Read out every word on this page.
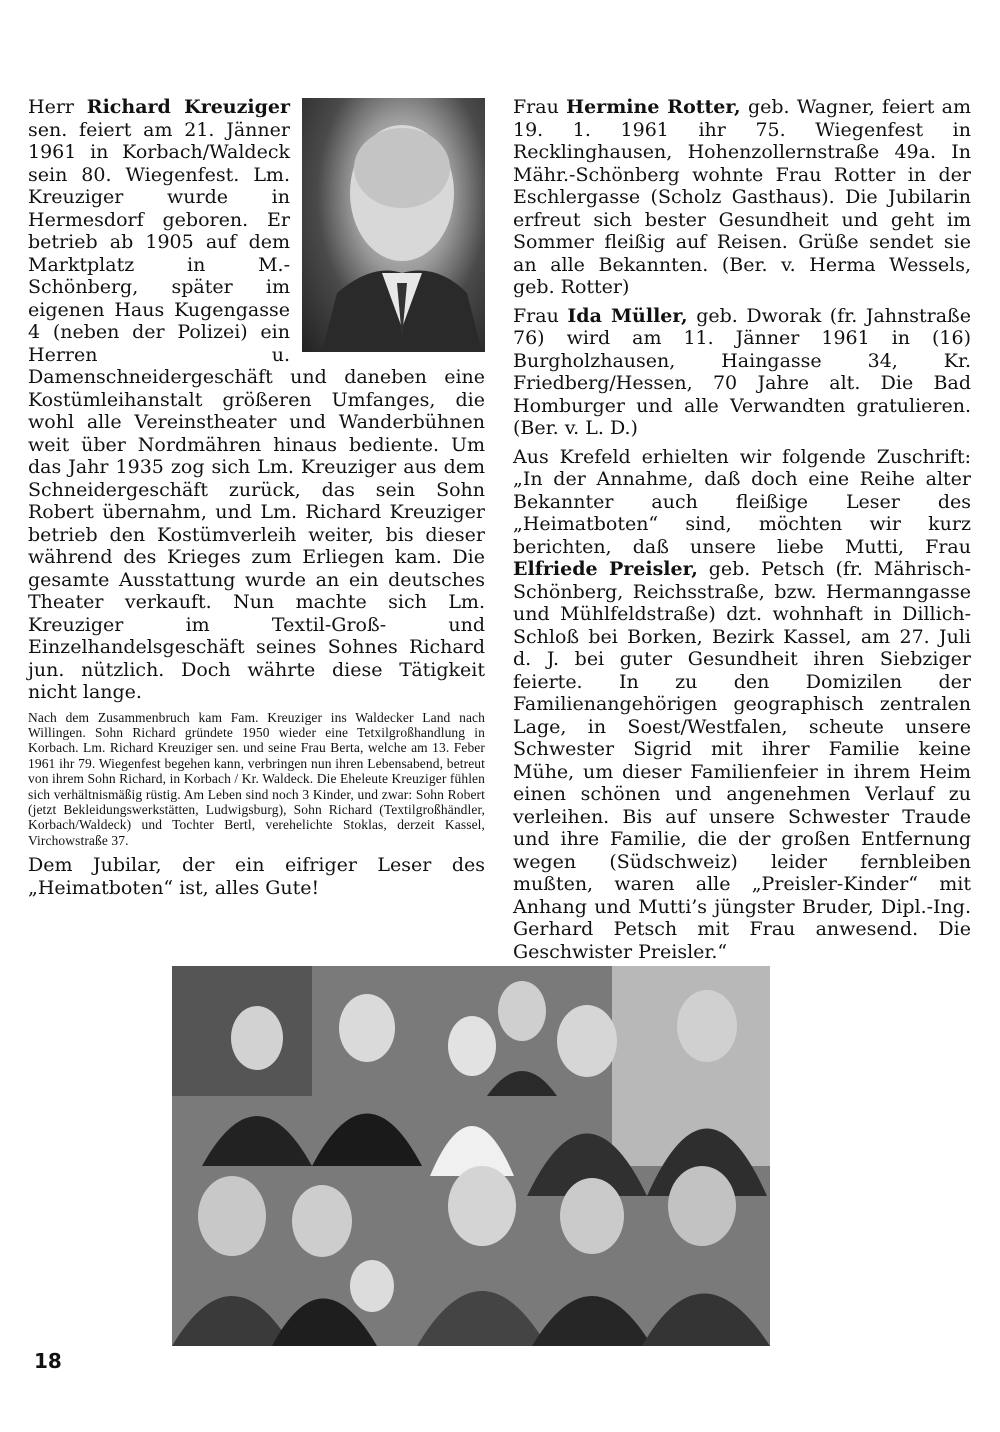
Herr Richard Kreuziger sen. feiert am 21. Jänner 1961 in Korbach/Waldeck sein 80. Wiegenfest. Lm. Kreuziger wurde in Hermesdorf geboren. Er betrieb ab 1905 auf dem Marktplatz in M.-Schönberg, später im eigenen Haus Kugengasse 4 (neben der Polizei) ein Herren u. Damenschneidergeschäft und daneben eine Kostümleihanstalt größeren Umfanges, die wohl alle Vereinstheater und Wanderbühnen weit über Nordmähren hinaus bediente. Um das Jahr 1935 zog sich Lm. Kreuziger aus dem Schneidergeschäft zurück, das sein Sohn Robert übernahm, und Lm. Richard Kreuziger betrieb den Kostümverleih weiter, bis dieser während des Krieges zum Erliegen kam. Die gesamte Ausstattung wurde an ein deutsches Theater verkauft. Nun machte sich Lm. Kreuziger im Textil-Groß- und Einzelhandelsgeschäft seines Sohnes Richard jun. nützlich. Doch währte diese Tätigkeit nicht lange.

Nach dem Zusammenbruch kam Fam. Kreuziger ins Waldecker Land nach Willingen. Sohn Richard gründete 1950 wieder eine Tetxilgroßhandlung in Korbach. Lm. Richard Kreuziger sen. und seine Frau Berta, welche am 13. Feber 1961 ihr 79. Wiegenfest begehen kann, verbringen nun ihren Lebensabend, betreut von ihrem Sohn Richard, in Korbach / Kr. Waldeck. Die Eheleute Kreuziger fühlen sich verhältnismäßig rüstig. Am Leben sind noch 3 Kinder, und zwar: Sohn Robert (jetzt Bekleidungswerkstätten, Ludwigsburg), Sohn Richard (Textilgroßhändler, Korbach/Waldeck) und Tochter Bertl, verehelichte Stoklas, derzeit Kassel, Virchowstraße 37.

Dem Jubilar, der ein eifriger Leser des „Heimatboten“ ist, alles Gute!

Frau Hermine Rotter, geb. Wagner, feiert am 19. 1. 1961 ihr 75. Wiegenfest in Recklinghausen, Hohenzollernstraße 49a. In Mähr.-Schönberg wohnte Frau Rotter in der Eschlergasse (Scholz Gasthaus). Die Jubilarin erfreut sich bester Gesundheit und geht im Sommer fleißig auf Reisen. Grüße sendet sie an alle Bekannten. (Ber. v. Herma Wessels, geb. Rotter)

Frau Ida Müller, geb. Dworak (fr. Jahnstraße 76) wird am 11. Jänner 1961 in (16) Burgholzhausen, Haingasse 34, Kr. Friedberg/Hessen, 70 Jahre alt. Die Bad Homburger und alle Verwandten gratulieren. (Ber. v. L. D.)

Aus Krefeld erhielten wir folgende Zuschrift: „In der Annahme, daß doch eine Reihe alter Bekannter auch fleißige Leser des „Heimatboten“ sind, möchten wir kurz berichten, daß unsere liebe Mutti, Frau Elfriede Preisler, geb. Petsch (fr. Mährisch-Schönberg, Reichsstraße, bzw. Hermanngasse und Mühlfeldstraße) dzt. wohnhaft in Dillich-Schloß bei Borken, Bezirk Kassel, am 27. Juli d. J. bei guter Gesundheit ihren Siebziger feierte. In zu den Domizilen der Familienangehörigen geographisch zentralen Lage, in Soest/Westfalen, scheute unsere Schwester Sigrid mit ihrer Familie keine Mühe, um dieser Familienfeier in ihrem Heim einen schönen und angenehmen Verlauf zu verleihen. Bis auf unsere Schwester Traude und ihre Familie, die der großen Entfernung wegen (Südschweiz) leider fernbleiben mußten, waren alle „Preisler-Kinder“ mit Anhang und Mutti’s jüngster Bruder, Dipl.-Ing. Gerhard Petsch mit Frau anwesend. Die Geschwister Preisler.“

18
